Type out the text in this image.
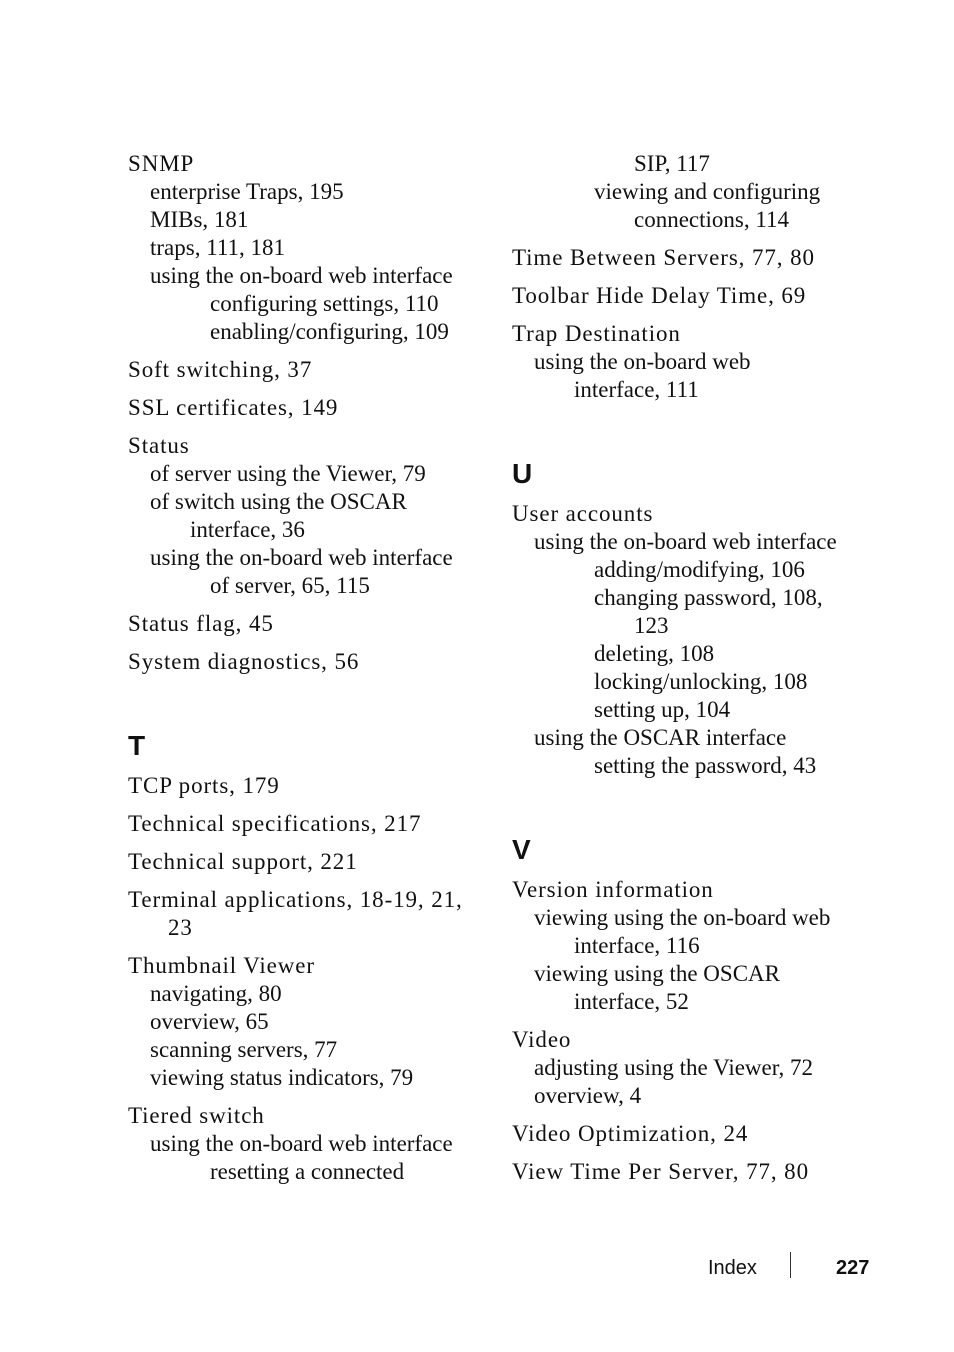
SNMP
enterprise Traps, 195
MIBs, 181
traps, 111, 181
using the on-board web interface
configuring settings, 110
enabling/configuring, 109
Soft switching, 37
SSL certificates, 149
Status
of server using the Viewer, 79
of switch using the OSCAR
interface, 36
using the on-board web interface
of server, 65, 115
Status flag, 45
System diagnostics, 56
T
TCP ports, 179
Technical specifications, 217
Technical support, 221
Terminal applications, 18-19, 21,
23
Thumbnail Viewer
navigating, 80
overview, 65
scanning servers, 77
viewing status indicators, 79
Tiered switch
using the on-board web interface
resetting a connected
SIP, 117
viewing and configuring
connections, 114
Time Between Servers, 77, 80
Toolbar Hide Delay Time, 69
Trap Destination
using the on-board web
interface, 111
U
User accounts
using the on-board web interface
adding/modifying, 106
changing password, 108,
123
deleting, 108
locking/unlocking, 108
setting up, 104
using the OSCAR interface
setting the password, 43
V
Version information
viewing using the on-board web
interface, 116
viewing using the OSCAR
interface, 52
Video
adjusting using the Viewer, 72
overview, 4
Video Optimization, 24
View Time Per Server, 77, 80
Index	227
